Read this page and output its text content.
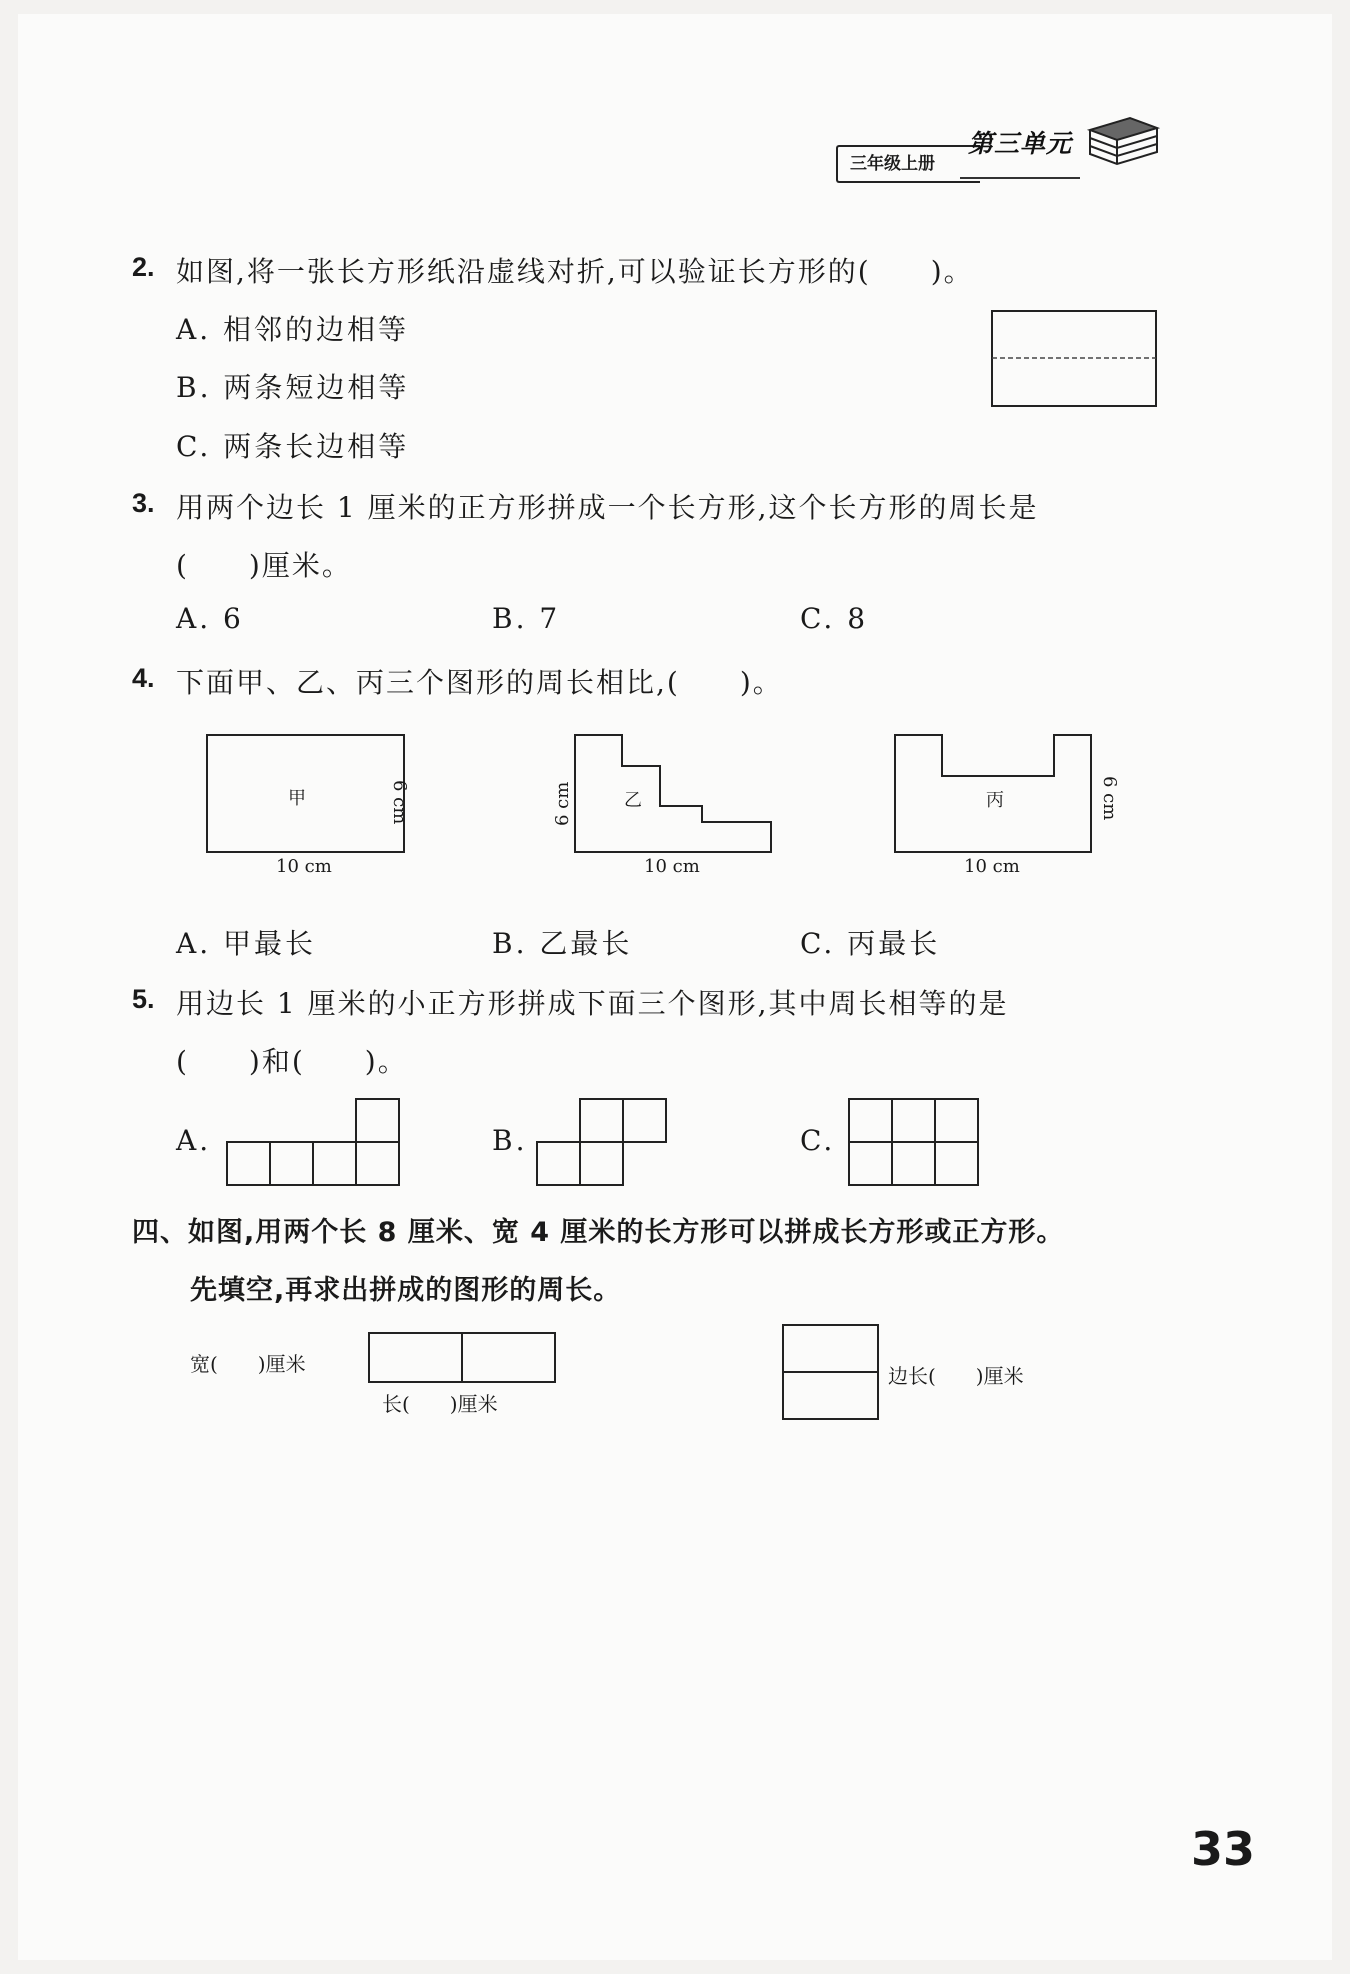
三年级上册
第三单元
2. 如图,将一张长方形纸沿虚线对折,可以验证长方形的(　　)。
A. 相邻的边相等
B. 两条短边相等
C. 两条长边相等
3. 用两个边长 1 厘米的正方形拼成一个长方形,这个长方形的周长是
(　　)厘米。
A. 6	B. 7	C. 8
4. 下面甲、乙、丙三个图形的周长相比,(　　)。
甲	6 cm
10 cm
乙
6 cm
10 cm
丙	6 cm
10 cm
A. 甲最长	B. 乙最长	C. 丙最长
5. 用边长 1 厘米的小正方形拼成下面三个图形,其中周长相等的是
(　　)和(　　)。
A.	B.	C.
四、如图,用两个长 8 厘米、宽 4 厘米的长方形可以拼成长方形或正方形。
先填空,再求出拼成的图形的周长。
宽(　　)厘米
长(　　)厘米
边长(　　)厘米
33
